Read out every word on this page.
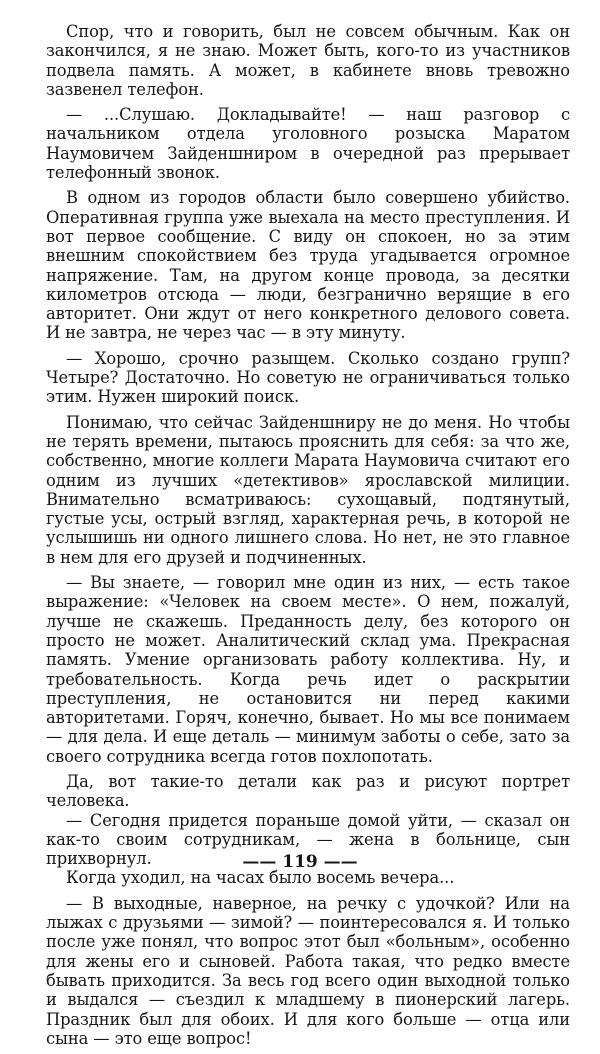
Спор, что и говорить, был не совсем обычным. Как он закончился, я не знаю. Может быть, кого-то из участников подвела память. А может, в кабинете вновь тревожно зазвенел телефон.

— ...Слушаю. Докладывайте! — наш разговор с начальником отдела уголовного розыска Маратом Наумовичем Зайденшниром в очередной раз прерывает телефонный звонок.

В одном из городов области было совершено убийство. Оперативная группа уже выехала на место преступления. И вот первое сообщение. С виду он спокоен, но за этим внешним спокойствием без труда угадывается огромное напряжение. Там, на другом конце провода, за десятки километров отсюда — люди, безгранично верящие в его авторитет. Они ждут от него конкретного делового совета. И не завтра, не через час — в эту минуту.

— Хорошо, срочно разыщем. Сколько создано групп? Четыре? Достаточно. Но советую не ограничиваться только этим. Нужен широкий поиск.

Понимаю, что сейчас Зайденшниру не до меня. Но чтобы не терять времени, пытаюсь прояснить для себя: за что же, собственно, многие коллеги Марата Наумовича считают его одним из лучших «детективов» ярославской милиции. Внимательно всматриваюсь: сухощавый, подтянутый, густые усы, острый взгляд, характерная речь, в которой не услышишь ни одного лишнего слова. Но нет, не это главное в нем для его друзей и подчиненных.

— Вы знаете, — говорил мне один из них, — есть такое выражение: «Человек на своем месте». О нем, пожалуй, лучше не скажешь. Преданность делу, без которого он просто не может. Аналитический склад ума. Прекрасная память. Умение организовать работу коллектива. Ну, и требовательность. Когда речь идет о раскрытии преступления, не остановится ни перед какими авторитетами. Горяч, конечно, бывает. Но мы все понимаем — для дела. И еще деталь — минимум заботы о себе, зато за своего сотрудника всегда готов похлопотать.

Да, вот такие-то детали как раз и рисуют портрет человека.

— Сегодня придется пораньше домой уйти, — сказал он как-то своим сотрудникам, — жена в больнице, сын прихворнул.

Когда уходил, на часах было восемь вечера...

— В выходные, наверное, на речку с удочкой? Или на лыжах с друзьями — зимой? — поинтересовался я. И только после уже понял, что вопрос этот был «больным», особенно для жены его и сыновей. Работа такая, что редко вместе бывать приходится. За весь год всего один выходной только и выдался — съездил к младшему в пионерский лагерь. Праздник был для обоих. И для кого больше — отца или сына — это еще вопрос!

—— 119 ——
